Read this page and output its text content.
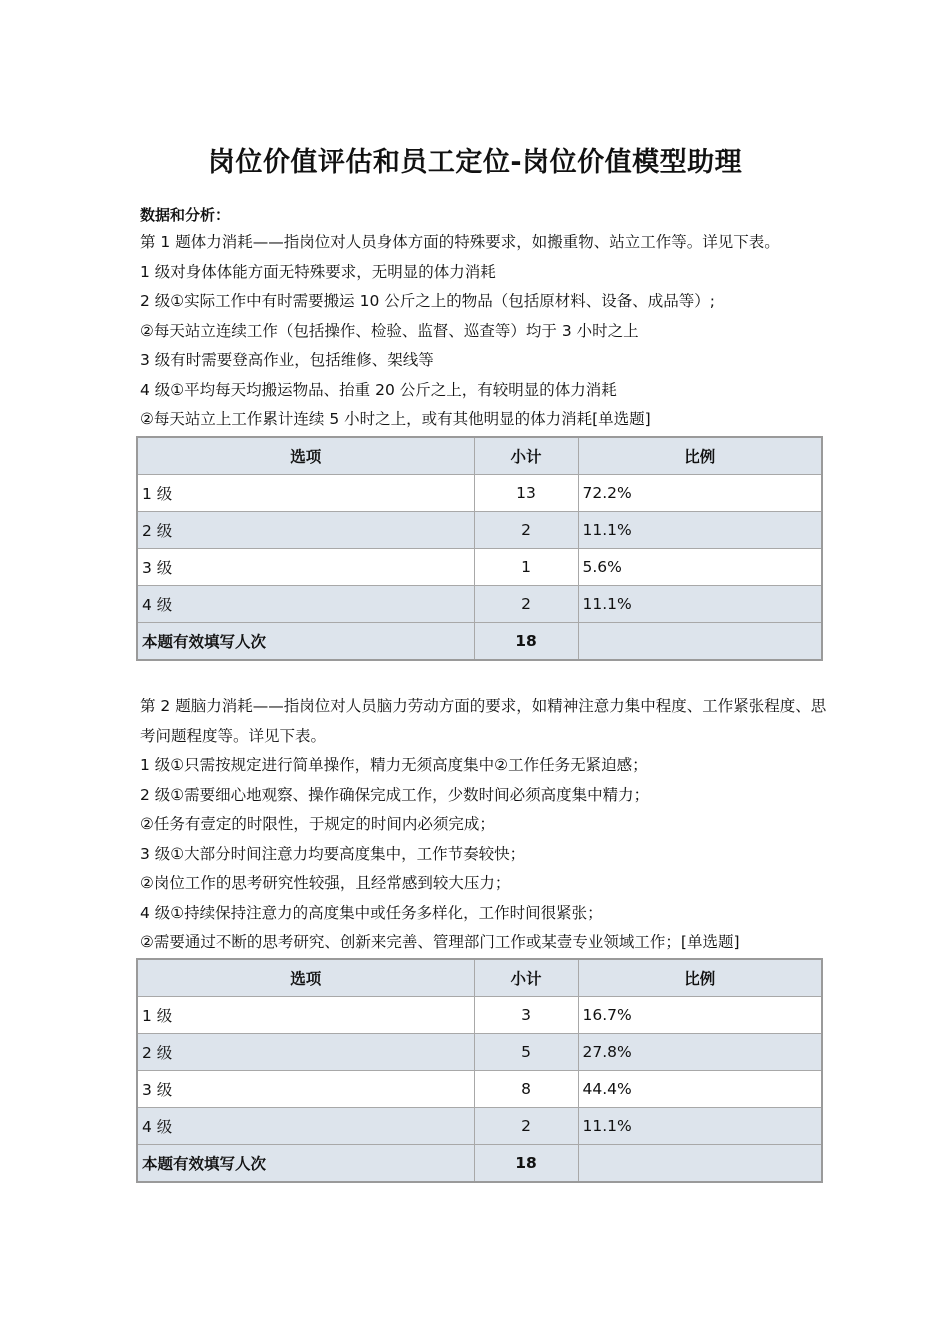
岗位价值评估和员工定位-岗位价值模型助理
数据和分析：

第 1 题体力消耗——指岗位对人员身体方面的特殊要求，如搬重物、站立工作等。详见下表。

1 级对身体体能方面无特殊要求，无明显的体力消耗

2 级①实际工作中有时需要搬运 10 公斤之上的物品（包括原材料、设备、成品等）;

②每天站立连续工作（包括操作、检验、监督、巡查等）均于 3 小时之上

3 级有时需要登高作业，包括维修、架线等

4 级①平均每天均搬运物品、抬重 20 公斤之上，有较明显的体力消耗

②每天站立上工作累计连续 5 小时之上，或有其他明显的体力消耗[单选题]

选项	小计	比例
1 级	13	72.2%
2 级	2	11.1%
3 级	1	5.6%
4 级	2	11.1%
本题有效填写人次	18	

第 2 题脑力消耗——指岗位对人员脑力劳动方面的要求，如精神注意力集中程度、工作紧张程度、思考问题程度等。详见下表。

1 级①只需按规定进行简单操作，精力无须高度集中②工作任务无紧迫感；

2 级①需要细心地观察、操作确保完成工作，少数时间必须高度集中精力；

②任务有壹定的时限性，于规定的时间内必须完成；

3 级①大部分时间注意力均要高度集中，工作节奏较快；

②岗位工作的思考研究性较强，且经常感到较大压力；

4 级①持续保持注意力的高度集中或任务多样化，工作时间很紧张；

②需要通过不断的思考研究、创新来完善、管理部门工作或某壹专业领域工作；[单选题]

选项	小计	比例
1 级	3	16.7%
2 级	5	27.8%
3 级	8	44.4%
4 级	2	11.1%
本题有效填写人次	18	
